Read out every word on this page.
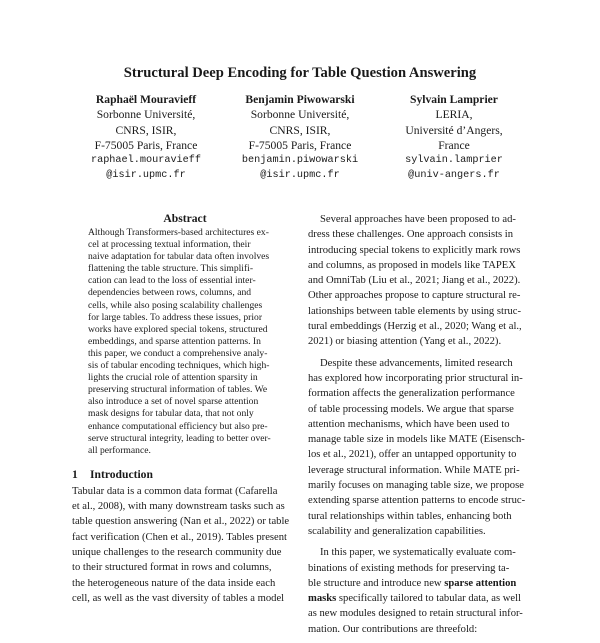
Structural Deep Encoding for Table Question Answering
Raphaël Mouravieff
Sorbonne Université,
CNRS, ISIR,
F-75005 Paris, France
raphael.mouravieff
@isir.upmc.fr
Benjamin Piwowarski
Sorbonne Université,
CNRS, ISIR,
F-75005 Paris, France
benjamin.piwowarski
@isir.upmc.fr
Sylvain Lamprier
LERIA,
Université d’Angers,
France
sylvain.lamprier
@univ-angers.fr
Abstract
Although Transformers-based architectures ex-
cel at processing textual information, their
naive adaptation for tabular data often involves
flattening the table structure. This simplifi-
cation can lead to the loss of essential inter-
dependencies between rows, columns, and
cells, while also posing scalability challenges
for large tables. To address these issues, prior
works have explored special tokens, structured
embeddings, and sparse attention patterns. In
this paper, we conduct a comprehensive analy-
sis of tabular encoding techniques, which high-
lights the crucial role of attention sparsity in
preserving structural information of tables. We
also introduce a set of novel sparse attention
mask designs for tabular data, that not only
enhance computational efficiency but also pre-
serve structural integrity, leading to better over-
all performance.
1 Introduction
Tabular data is a common data format (Cafarella
et al., 2008), with many downstream tasks such as
table question answering (Nan et al., 2022) or table
fact verification (Chen et al., 2019). Tables present
unique challenges to the research community due
to their structured format in rows and columns,
the heterogeneous nature of the data inside each
cell, as well as the vast diversity of tables a model
Several approaches have been proposed to ad-
dress these challenges. One approach consists in
introducing special tokens to explicitly mark rows
and columns, as proposed in models like TAPEX
and OmniTab (Liu et al., 2021; Jiang et al., 2022).
Other approaches propose to capture structural re-
lationships between table elements by using struc-
tural embeddings (Herzig et al., 2020; Wang et al.,
2021) or biasing attention (Yang et al., 2022).
Despite these advancements, limited research
has explored how incorporating prior structural in-
formation affects the generalization performance
of table processing models. We argue that sparse
attention mechanisms, which have been used to
manage table size in models like MATE (Eisensch-
los et al., 2021), offer an untapped opportunity to
leverage structural information. While MATE pri-
marily focuses on managing table size, we propose
extending sparse attention patterns to encode struc-
tural relationships within tables, enhancing both
scalability and generalization capabilities.
In this paper, we systematically evaluate com-
binations of existing methods for preserving ta-
ble structure and introduce new sparse attention
masks specifically tailored to tabular data, as well
as new modules designed to retain structural infor-
mation. Our contributions are threefold:
